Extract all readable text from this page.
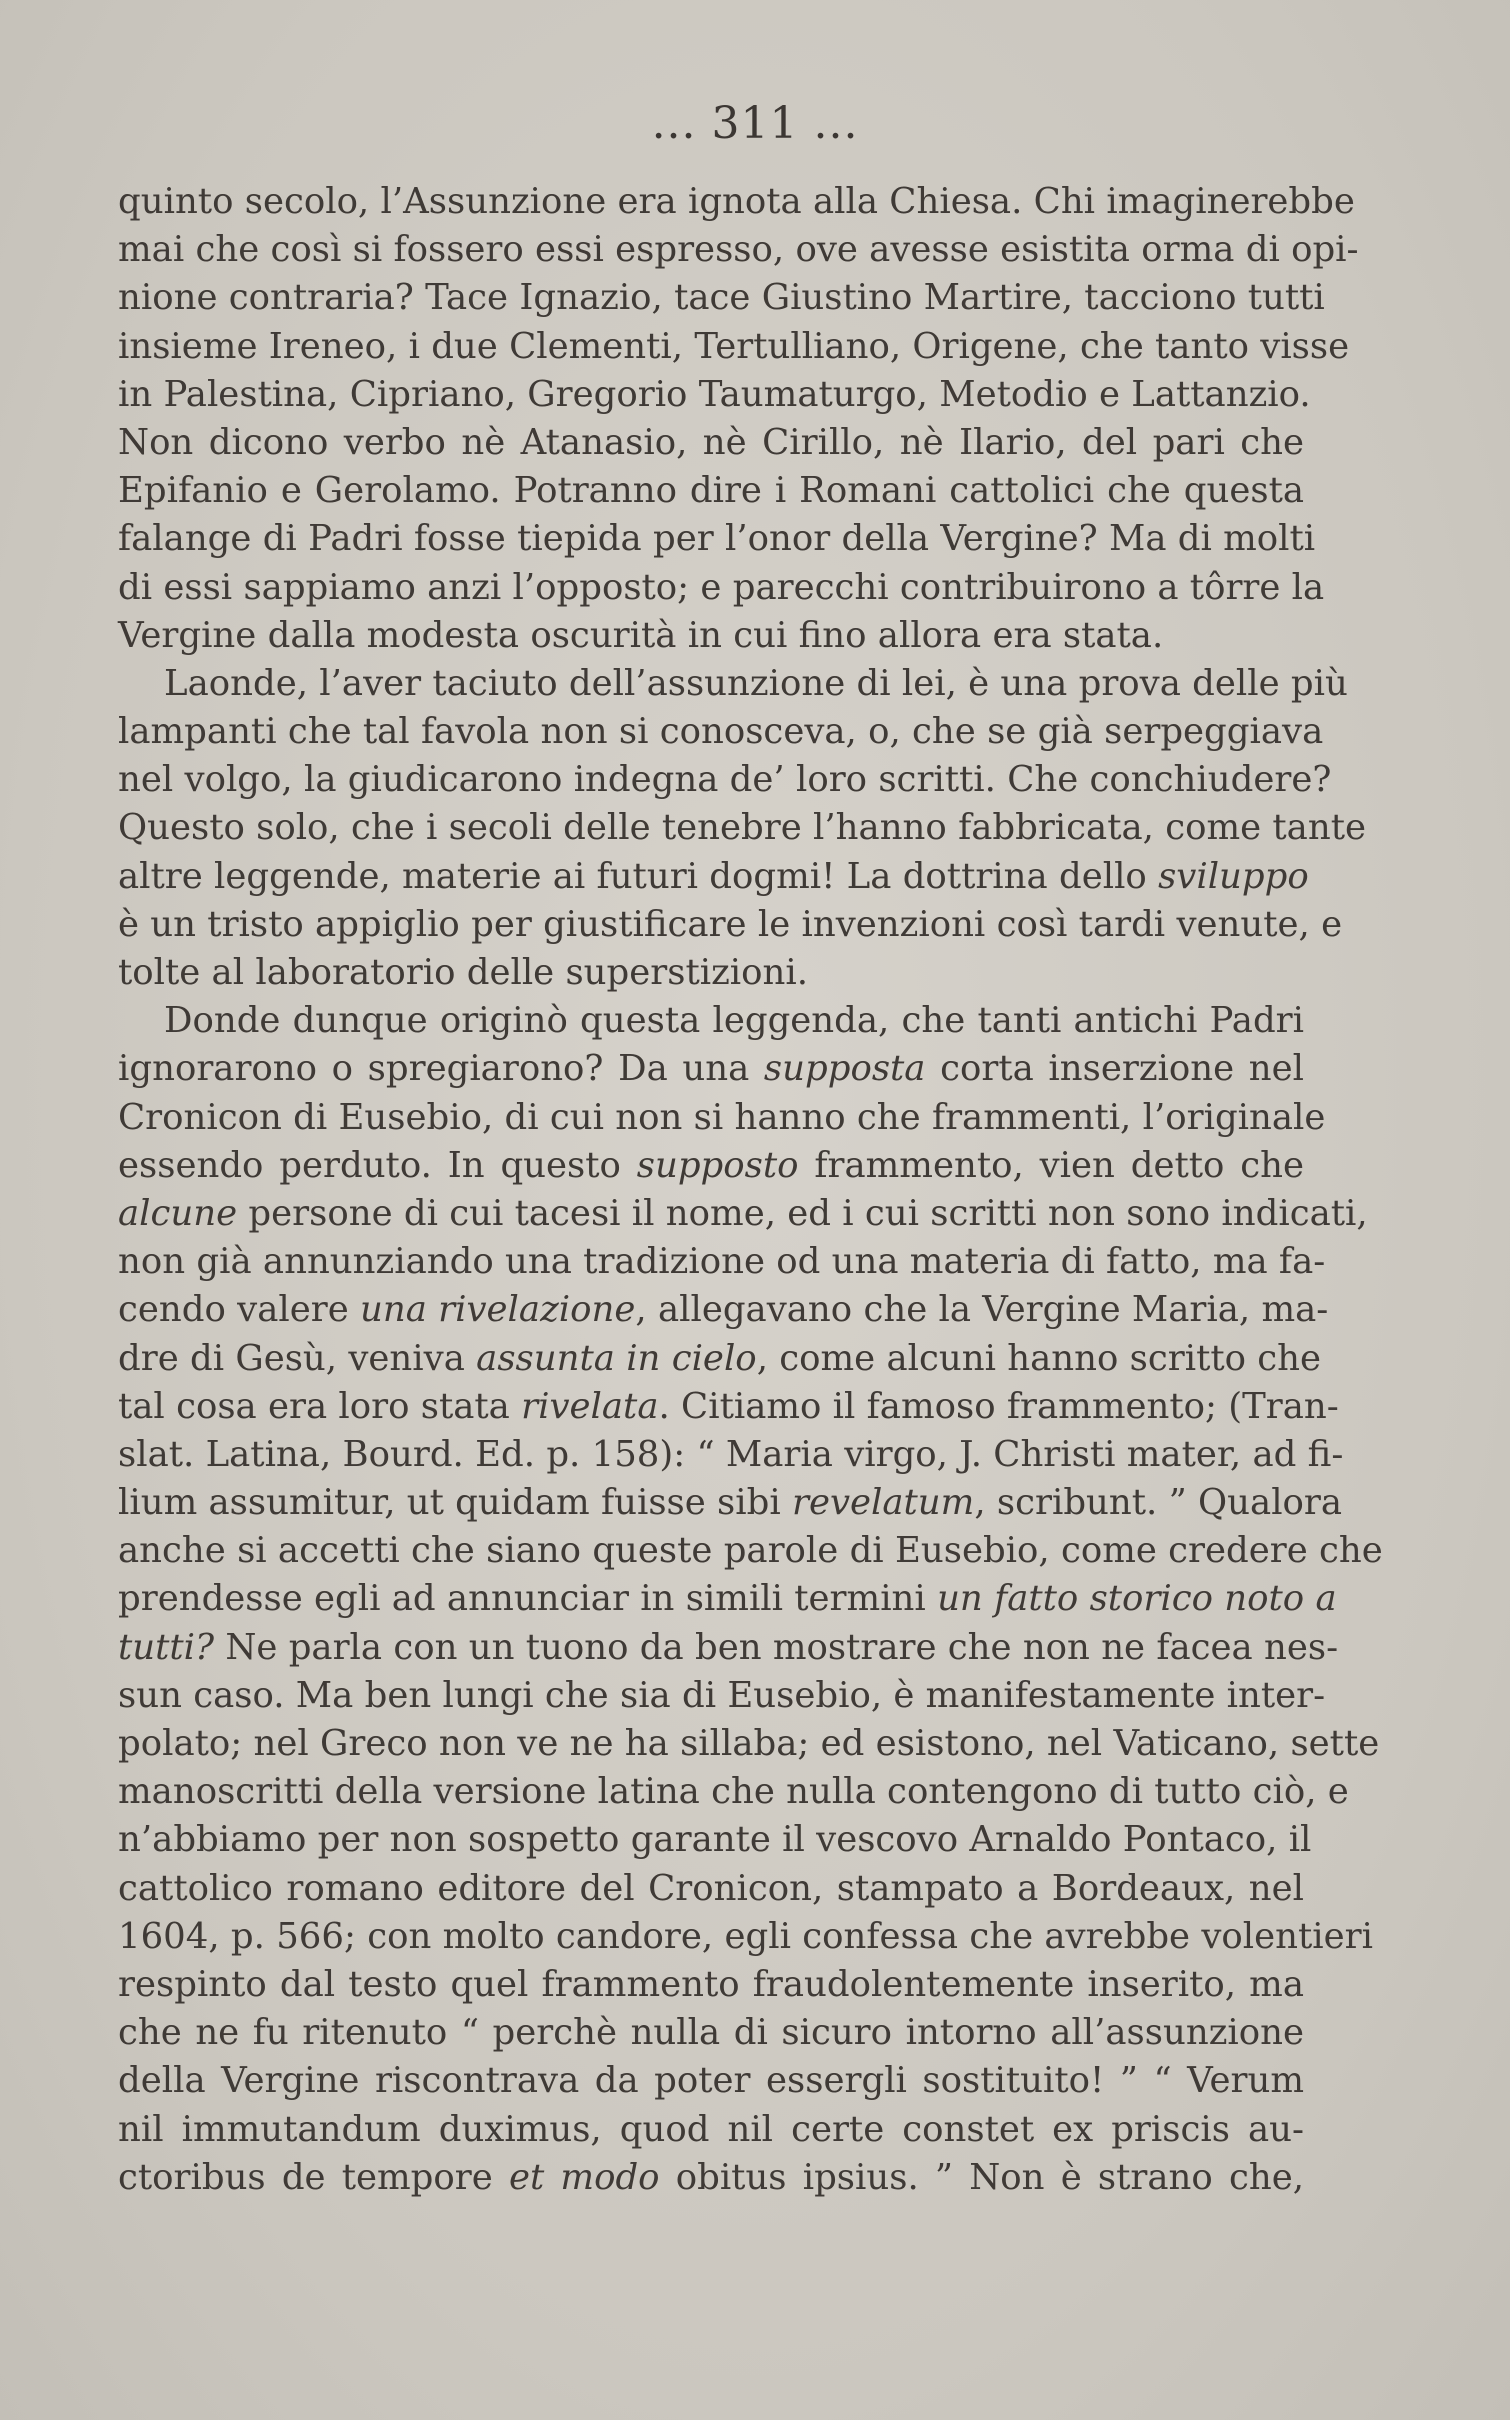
... 311 ...
quinto secolo, l’Assunzione era ignota alla Chiesa. Chi imaginerebbe
mai che così si fossero essi espresso, ove avesse esistita orma di opi-
nione contraria? Tace Ignazio, tace Giustino Martire, tacciono tutti
insieme Ireneo, i due Clementi, Tertulliano, Origene, che tanto visse
in Palestina, Cipriano, Gregorio Taumaturgo, Metodio e Lattanzio.
Non dicono verbo nè Atanasio, nè Cirillo, nè Ilario, del pari che
Epifanio e Gerolamo. Potranno dire i Romani cattolici che questa
falange di Padri fosse tiepida per l’onor della Vergine? Ma di molti
di essi sappiamo anzi l’opposto; e parecchi contribuirono a tôrre la
Vergine dalla modesta oscurità in cui fino allora era stata.
Laonde, l’aver taciuto dell’assunzione di lei, è una prova delle più
lampanti che tal favola non si conosceva, o, che se già serpeggiava
nel volgo, la giudicarono indegna de’ loro scritti. Che conchiudere?
Questo solo, che i secoli delle tenebre l’hanno fabbricata, come tante
altre leggende, materie ai futuri dogmi! La dottrina dello sviluppo
è un tristo appiglio per giustificare le invenzioni così tardi venute, e
tolte al laboratorio delle superstizioni.
Donde dunque originò questa leggenda, che tanti antichi Padri
ignorarono o spregiarono? Da una supposta corta inserzione nel
Cronicon di Eusebio, di cui non si hanno che frammenti, l’originale
essendo perduto. In questo supposto frammento, vien detto che
alcune persone di cui tacesi il nome, ed i cui scritti non sono indicati,
non già annunziando una tradizione od una materia di fatto, ma fa-
cendo valere una rivelazione, allegavano che la Vergine Maria, ma-
dre di Gesù, veniva assunta in cielo, come alcuni hanno scritto che
tal cosa era loro stata rivelata. Citiamo il famoso frammento; (Tran-
slat. Latina, Bourd. Ed. p. 158): “ Maria virgo, J. Christi mater, ad fi-
lium assumitur, ut quidam fuisse sibi revelatum, scribunt. ” Qualora
anche si accetti che siano queste parole di Eusebio, come credere che
prendesse egli ad annunciar in simili termini un fatto storico noto a
tutti? Ne parla con un tuono da ben mostrare che non ne facea nes-
sun caso. Ma ben lungi che sia di Eusebio, è manifestamente inter-
polato; nel Greco non ve ne ha sillaba; ed esistono, nel Vaticano, sette
manoscritti della versione latina che nulla contengono di tutto ciò, e
n’abbiamo per non sospetto garante il vescovo Arnaldo Pontaco, il
cattolico romano editore del Cronicon, stampato a Bordeaux, nel
1604, p. 566; con molto candore, egli confessa che avrebbe volentieri
respinto dal testo quel frammento fraudolentemente inserito, ma
che ne fu ritenuto “ perchè nulla di sicuro intorno all’assunzione
della Vergine riscontrava da poter essergli sostituito! ” “ Verum
nil immutandum duximus, quod nil certe constet ex priscis au-
ctoribus de tempore et modo obitus ipsius. ” Non è strano che,
